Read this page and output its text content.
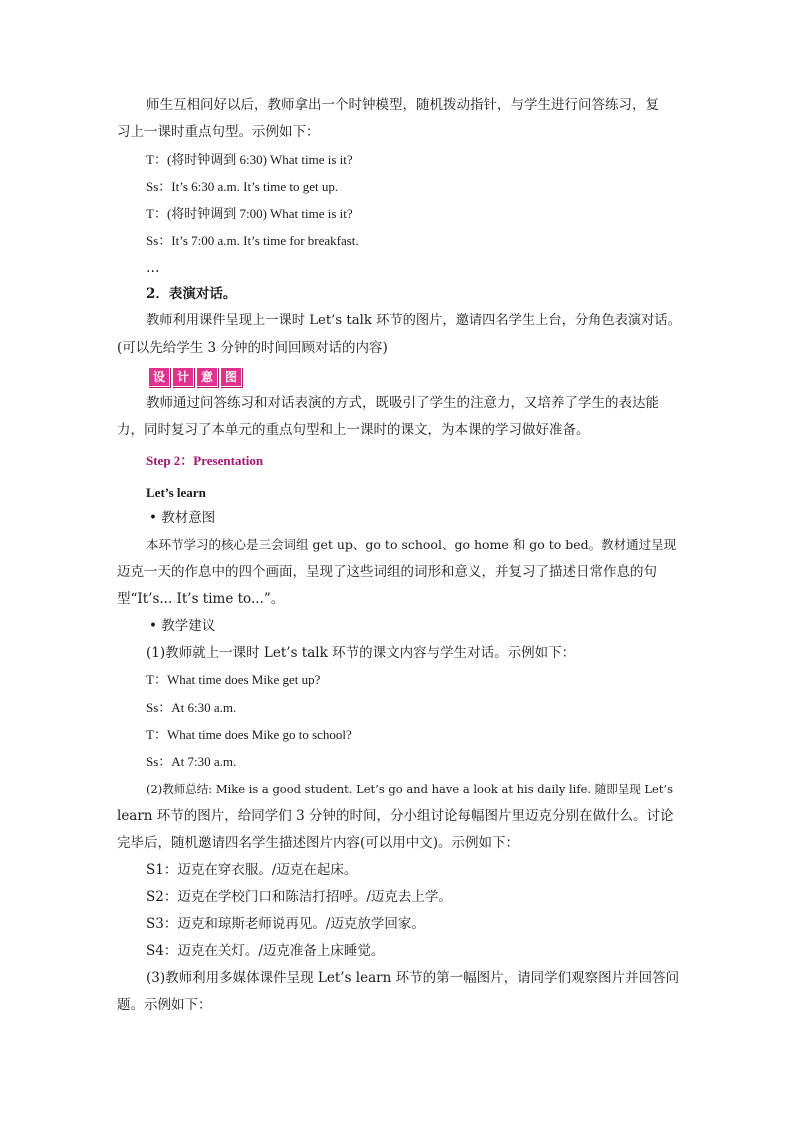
师生互相问好以后，教师拿出一个时钟模型，随机拨动指针，与学生进行问答练习，复
习上一课时重点句型。示例如下：
T：(将时钟调到 6:30) What time is it?
Ss：It’s 6:30 a.m. It’s time to get up.
T：(将时钟调到 7:00) What time is it?
Ss：It’s 7:00 a.m. It’s time for breakfast.
…
2．表演对话。
教师利用课件呈现上一课时 Let’s talk 环节的图片，邀请四名学生上台，分角色表演对话。
(可以先给学生 3 分钟的时间回顾对话的内容)
设 计 意 图
教师通过问答练习和对话表演的方式，既吸引了学生的注意力，又培养了学生的表达能
力，同时复习了本单元的重点句型和上一课时的课文，为本课的学习做好准备。
Step 2：Presentation
Let’s learn
• 教材意图
本环节学习的核心是三会词组 get up、go to school、go home 和 go to bed。教材通过呈现
迈克一天的作息中的四个画面，呈现了这些词组的词形和意义，并复习了描述日常作息的句
型“It’s... It’s time to...”。
• 教学建议
(1)教师就上一课时 Let’s talk 环节的课文内容与学生对话。示例如下：
T：What time does Mike get up?
Ss：At 6:30 a.m.
T：What time does Mike go to school?
Ss：At 7:30 a.m.
(2)教师总结: Mike is a good student. Let’s go and have a look at his daily life. 随即呈现 Let’s
learn 环节的图片，给同学们 3 分钟的时间，分小组讨论每幅图片里迈克分别在做什么。讨论
完毕后，随机邀请四名学生描述图片内容(可以用中文)。示例如下：
S1：迈克在穿衣服。/迈克在起床。
S2：迈克在学校门口和陈洁打招呼。/迈克去上学。
S3：迈克和琼斯老师说再见。/迈克放学回家。
S4：迈克在关灯。/迈克准备上床睡觉。
(3)教师利用多媒体课件呈现 Let’s learn 环节的第一幅图片，请同学们观察图片并回答问
题。示例如下：
